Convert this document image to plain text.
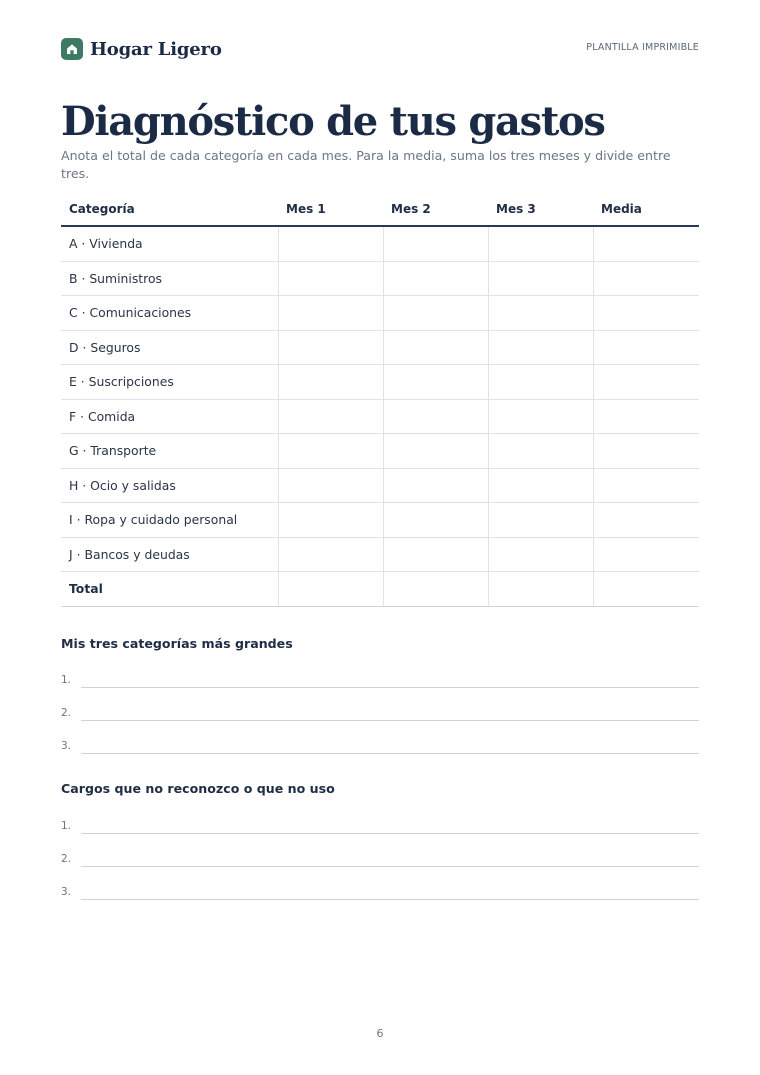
Hogar Ligero	PLANTILLA IMPRIMIBLE
Diagnóstico de tus gastos

Anota el total de cada categoría en cada mes. Para la media, suma los tres meses y divide entre tres.

Categoría	Mes 1	Mes 2	Mes 3	Media
A · Vivienda				
B · Suministros				
C · Comunicaciones				
D · Seguros				
E · Suscripciones				
F · Comida				
G · Transporte				
H · Ocio y salidas				
I · Ropa y cuidado personal				
J · Bancos y deudas				
Total				
Mis tres categorías más grandes
1.
2.
3.
Cargos que no reconozco o que no uso
1.
2.
3.
6
